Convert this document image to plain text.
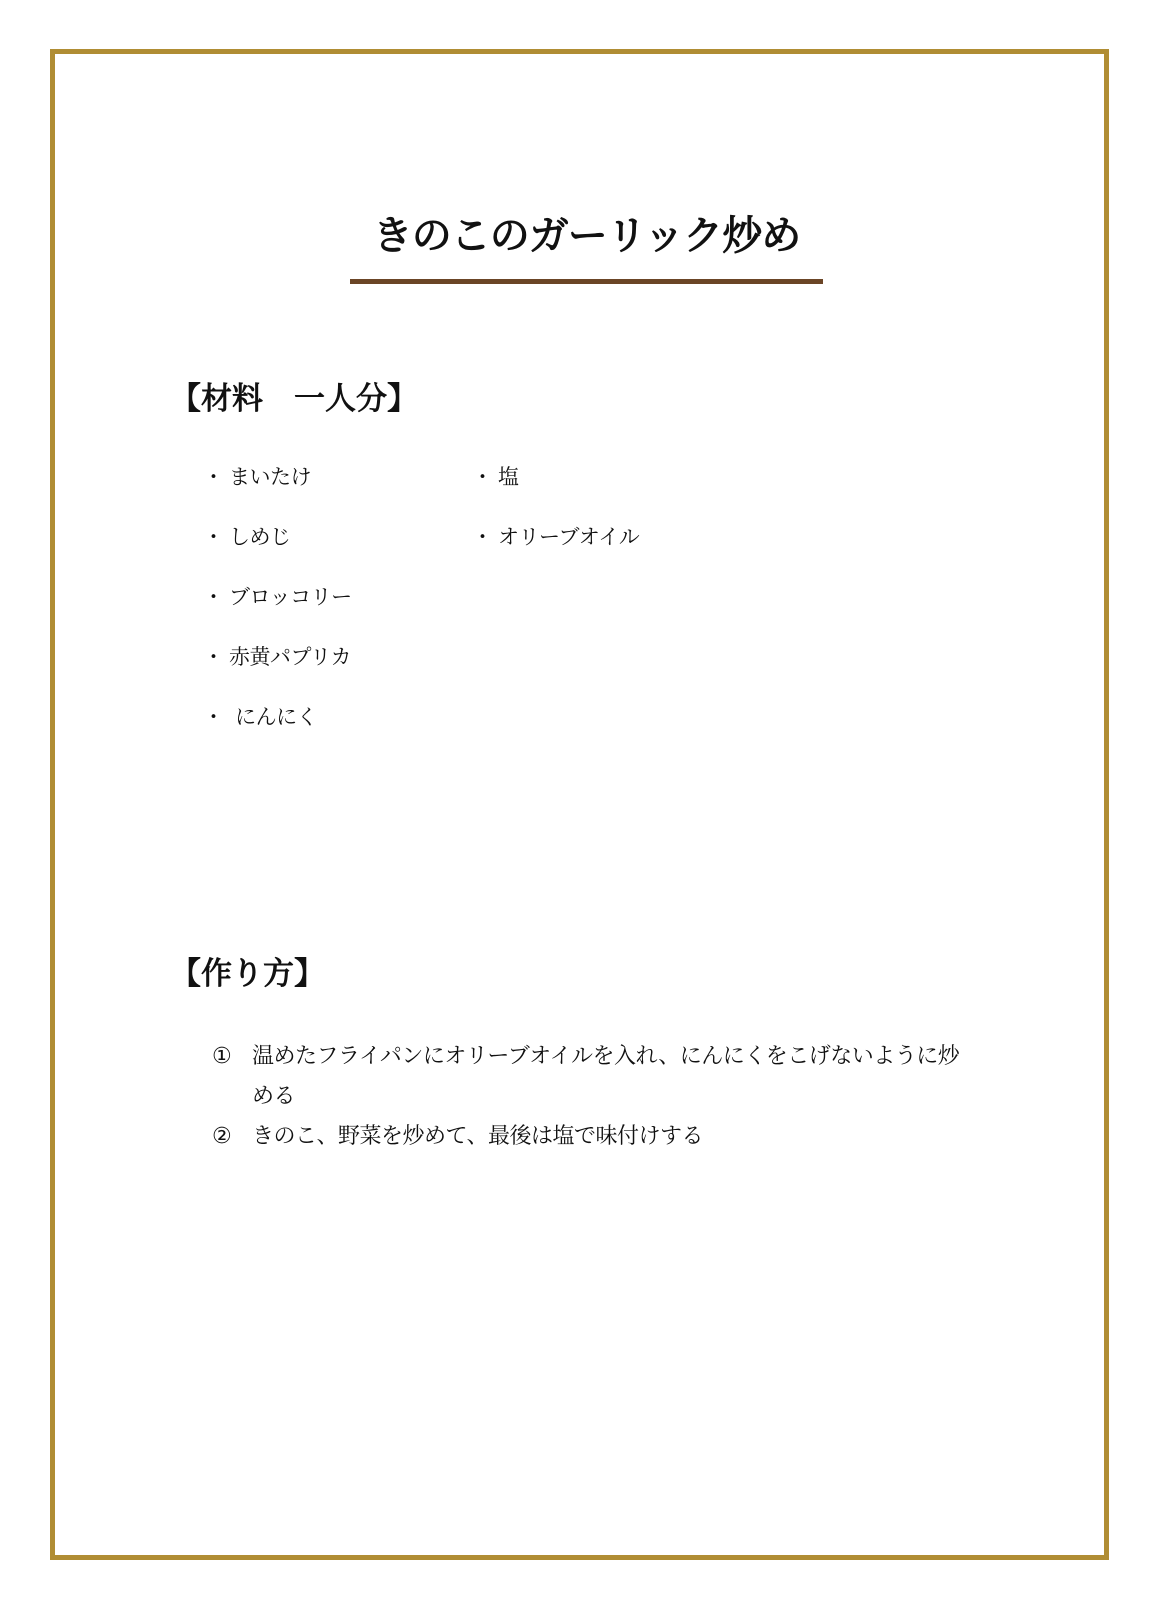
きのこのガーリック炒め
【材料　一人分】
・ まいたけ
・ しめじ
・ ブロッコリー
・ 赤黄パプリカ
・ にんにく
・ 塩
・ オリーブオイル
【作り方】
① 温めたフライパンにオリーブオイルを入れ、にんにくをこげないように炒める
② きのこ、野菜を炒めて、最後は塩で味付けする
